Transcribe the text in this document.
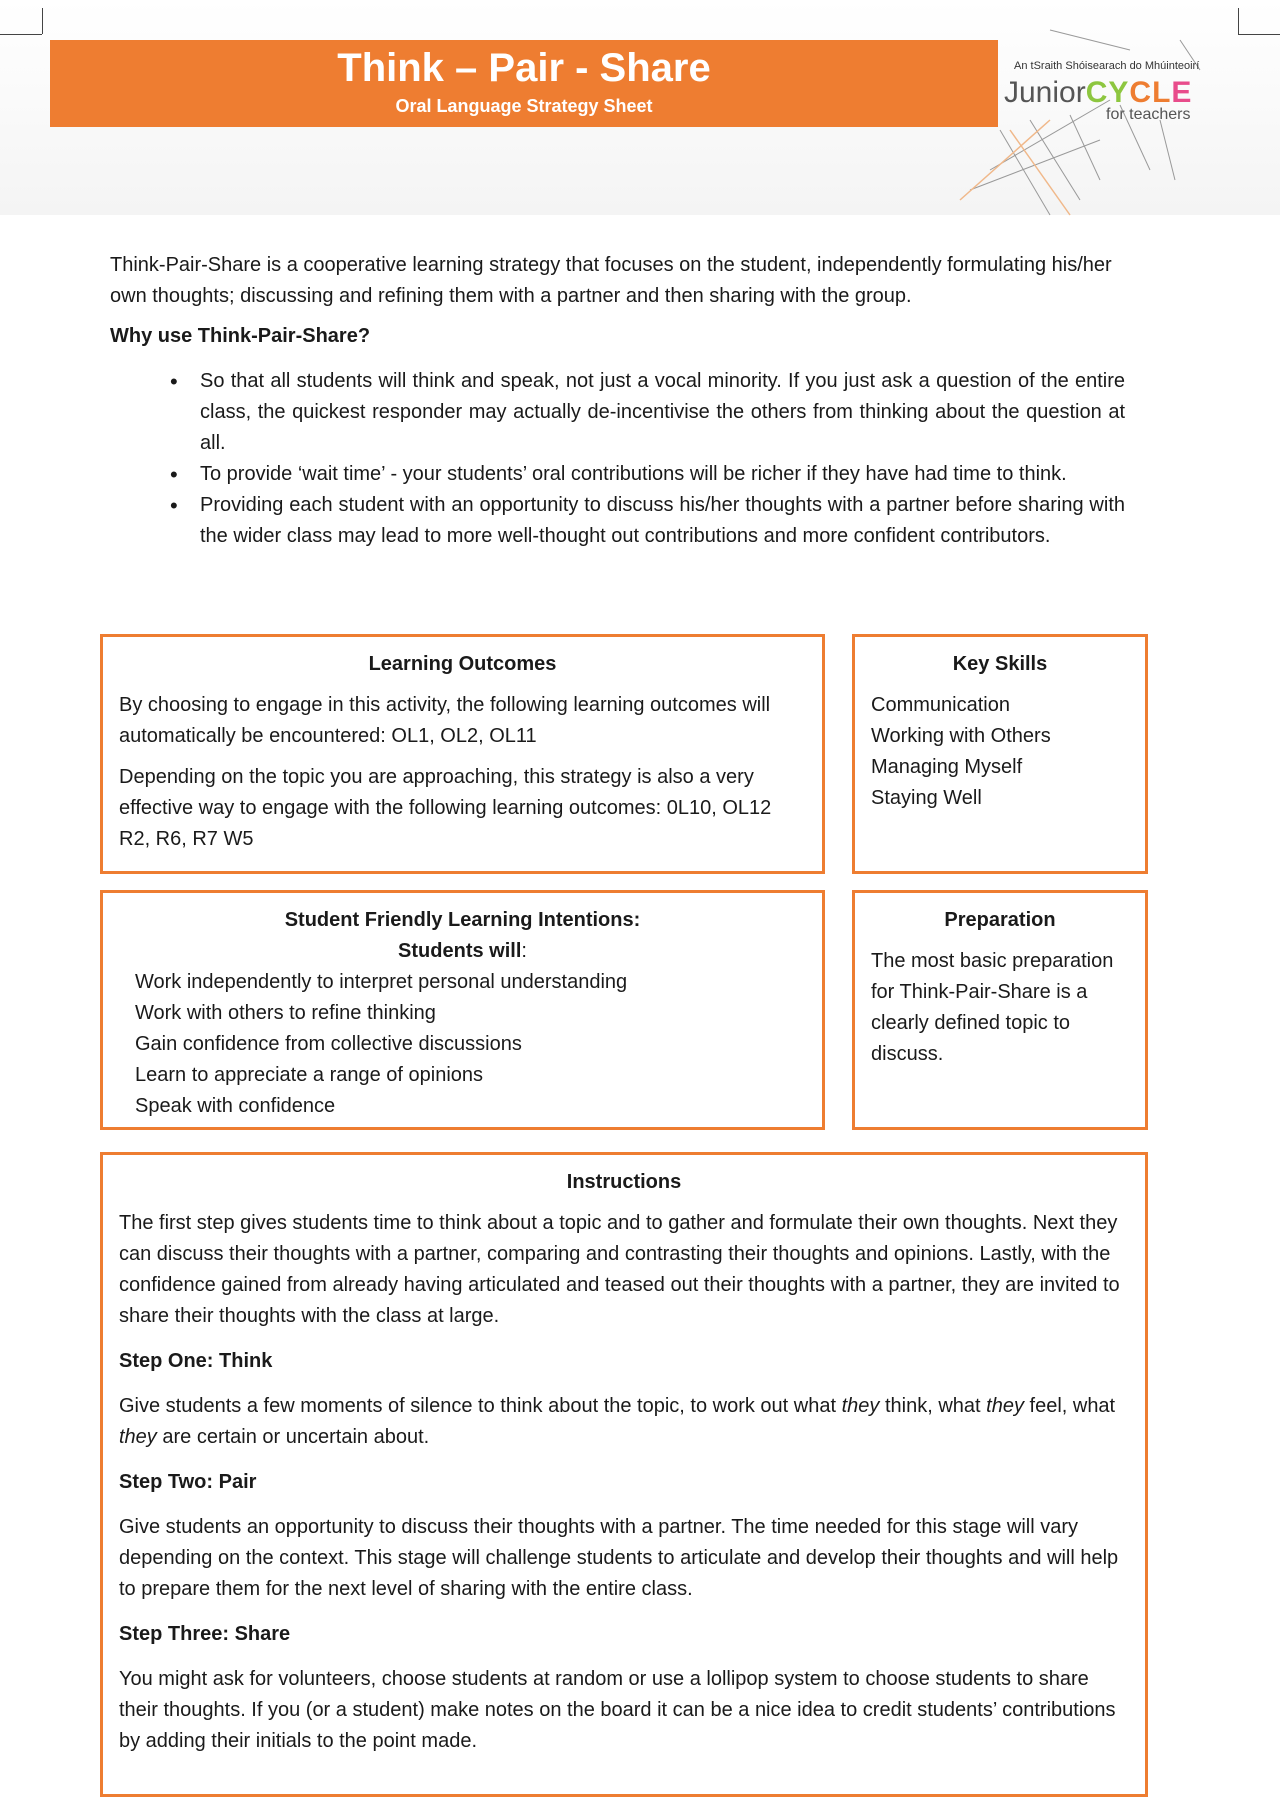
Think – Pair - Share
Oral Language Strategy Sheet
An tSraith Shóisearach do Mhúinteoirí
JuniorCYCLE
for teachers
Think-Pair-Share is a cooperative learning strategy that focuses on the student, independently formulating his/her own thoughts; discussing and refining them with a partner and then sharing with the group.
Why use Think-Pair-Share?
• So that all students will think and speak, not just a vocal minority. If you just ask a question of the entire class, the quickest responder may actually de-incentivise the others from thinking about the question at all.
• To provide ‘wait time’ - your students’ oral contributions will be richer if they have had time to think.
• Providing each student with an opportunity to discuss his/her thoughts with a partner before sharing with the wider class may lead to more well-thought out contributions and more confident contributors.
Learning Outcomes

By choosing to engage in this activity, the following learning outcomes will automatically be encountered: OL1, OL2, OL11

Depending on the topic you are approaching, this strategy is also a very effective way to engage with the following learning outcomes: 0L10, OL12 R2, R6, R7 W5

Key Skills
Communication
Working with Others
Managing Myself
Staying Well
Student Friendly Learning Intentions:
Students will:
Work independently to interpret personal understanding
Work with others to refine thinking
Gain confidence from collective discussions
Learn to appreciate a range of opinions
Speak with confidence
Preparation

The most basic preparation for Think-Pair-Share is a clearly defined topic to discuss.

Instructions

The first step gives students time to think about a topic and to gather and formulate their own thoughts. Next they can discuss their thoughts with a partner, comparing and contrasting their thoughts and opinions. Lastly, with the confidence gained from already having articulated and teased out their thoughts with a partner, they are invited to share their thoughts with the class at large.

Step One: Think

Give students a few moments of silence to think about the topic, to work out what they think, what they feel, what they are certain or uncertain about.

Step Two: Pair

Give students an opportunity to discuss their thoughts with a partner. The time needed for this stage will vary depending on the context. This stage will challenge students to articulate and develop their thoughts and will help to prepare them for the next level of sharing with the entire class.

Step Three: Share

You might ask for volunteers, choose students at random or use a lollipop system to choose students to share their thoughts. If you (or a student) make notes on the board it can be a nice idea to credit students’ contributions by adding their initials to the point made.
